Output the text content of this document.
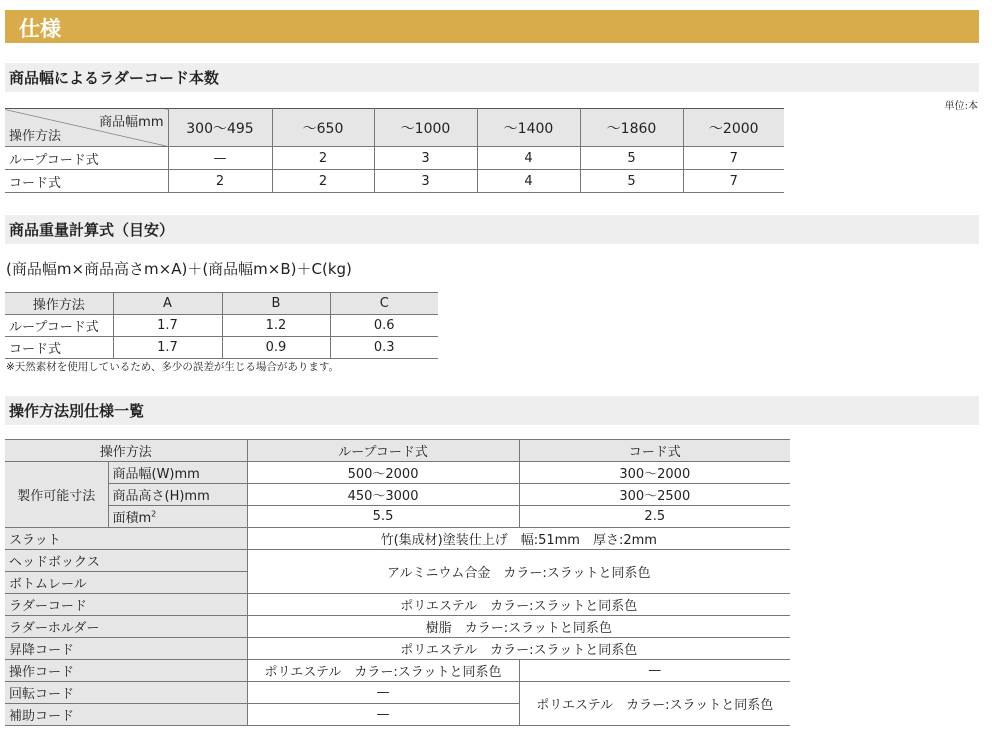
仕様
商品幅によるラダーコード本数
単位:本
商品幅mm
操作方法	300〜495	〜650	〜1000	〜1400	〜1860	〜2000
ループコード式	—	2	3	4	5	7
コード式	2	2	3	4	5	7
商品重量計算式（目安）
(商品幅m×商品高さm×A)＋(商品幅m×B)＋C(kg)
操作方法	A	B	C
ループコード式	1.7	1.2	0.6
コード式	1.7	0.9	0.3
※天然素材を使用しているため、多少の誤差が生じる場合があります。
操作方法別仕様一覧
操作方法		ループコード式	コード式
製作可能寸法	商品幅(W)mm	500〜2000	300〜2000
	商品高さ(H)mm	450〜3000	300〜2500
	面積$m^2$	5.5	2.5
スラット		竹(集成材)塗装仕上げ　幅:51mm　厚さ:2mm	
ヘッドボックス		アルミニウム合金　カラー:スラットと同系色	
ボトムレール			
ラダーコード		ポリエステル　カラー:スラットと同系色	
ラダーホルダー		樹脂　カラー:スラットと同系色	
昇降コード		ポリエステル　カラー:スラットと同系色	
操作コード		ポリエステル　カラー:スラットと同系色	—
回転コード		—	ポリエステル　カラー:スラットと同系色
補助コード		—	
